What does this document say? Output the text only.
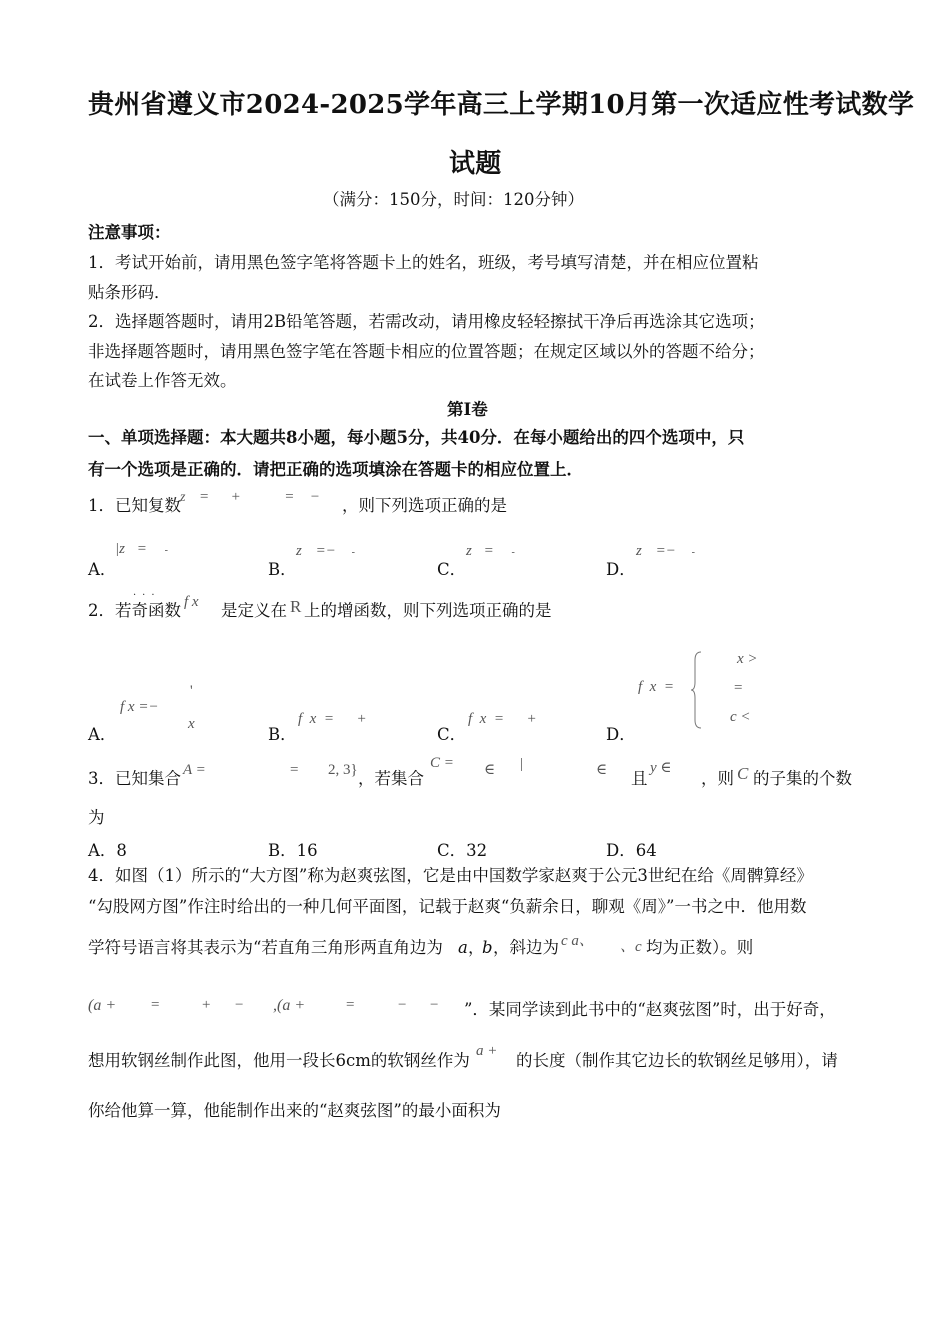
贵州省遵义市2024-2025学年高三上学期10月第一次适应性考试数学
试题
（满分：150分，时间：120分钟）
注意事项：
1．考试开始前，请用黑色签字笔将答题卡上的姓名，班级，考号填写清楚，并在相应位置粘
贴条形码．
2．选择题答题时，请用2B铅笔答题，若需改动，请用橡皮轻轻擦拭干净后再选涂其它选项；
非选择题答题时，请用黑色签字笔在答题卡相应的位置答题；在规定区域以外的答题不给分；
在试卷上作答无效。
第Ⅰ卷
一、单项选择题：本大题共8小题，每小题5分，共40分．在每小题给出的四个选项中，只
有一个选项是正确的．请把正确的选项填涂在答题卡的相应位置上．
1．已知复数 z = +	= − ，则下列选项正确的是
A．
|z = -
B．
z =− -
C．
z = -
D．
z =− -
···
2．若奇函数 f x 是定义在 R 上的增函数，则下列选项正确的是
A．
f x =−
x
'
B．
f  x  =      +
C．
f  x  =      +
D．
f  x  =
x >
=
c <
3．已知集合 A =	= 2, 3} ，若集合
C = ∈ |	∈ 且
y ∈
，则 C 的子集的个数
为
A．8	B．16	C．32	D．64
4．如图（1）所示的“大方图”称为赵爽弦图，它是由中国数学家赵爽于公元3世纪在给《周髀算经》
“勾股网方图”作注时给出的一种几何平面图，记载于赵爽“负薪余日，聊观《周》”一书之中．他用数
学符号语言将其表示为“若直角三角形两直角边为 a ，
b ，斜边为 c a、 、c 均为正数）。则
(a + =	+ − ,(a +	=	− − ”．某同学读到此书中的“赵爽弦图”时，出于好奇，
想用软钢丝制作此图，他用一段长6cm的软钢丝作为 a + 的长度（制作其它边长的软钢丝足够用），请
你给他算一算，他能制作出来的“赵爽弦图”的最小面积为
